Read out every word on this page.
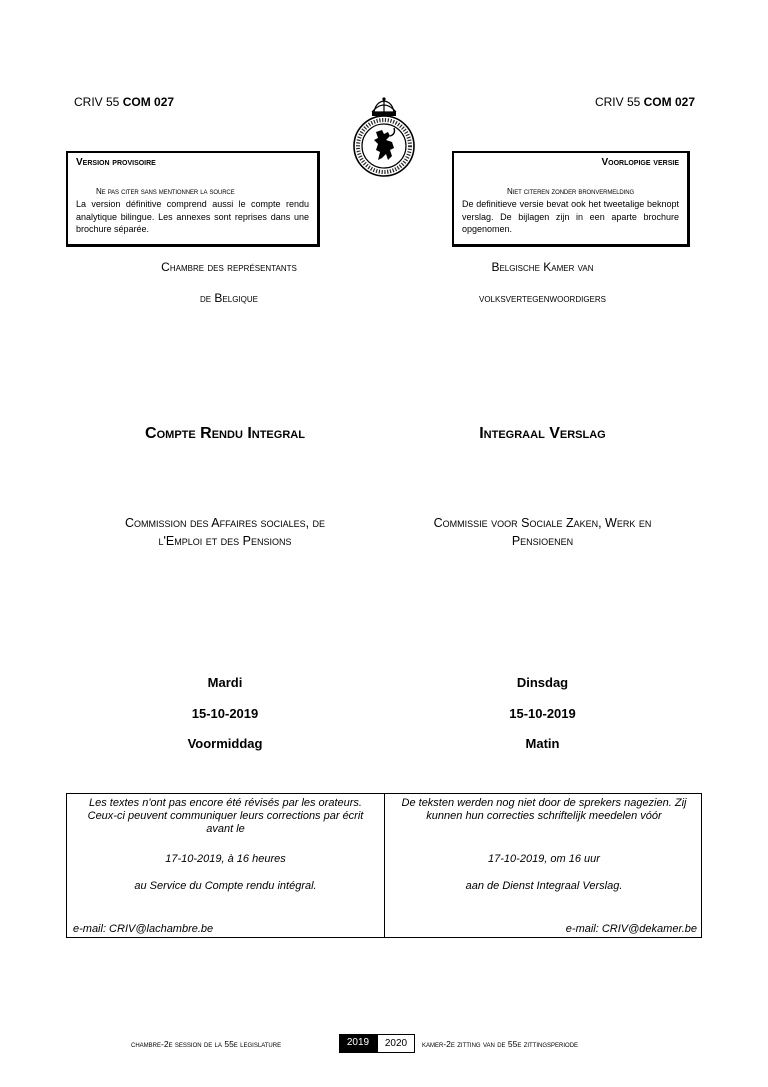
CRIV 55 COM 027	CRIV 55 COM 027
Version provisoire
Ne pas citer sans mentionner la source
La version définitive comprend aussi le compte rendu analytique bilingue. Les annexes sont reprises dans une brochure séparée.
Voorlopige versie
Niet citeren zonder bronvermelding
De definitieve versie bevat ook het tweetalige beknopt verslag. De bijlagen zijn in een aparte brochure opgenomen.
Chambre des représentants
de Belgique
Belgische Kamer van
volksvertegenwoordigers
Compte Rendu Integral	Integraal Verslag
Commission des Affaires sociales, de
l'Emploi et des Pensions
Commissie voor Sociale Zaken, Werk en
Pensioenen
Mardi
15-10-2019
Voormiddag
Dinsdag
15-10-2019
Matin
Les textes n'ont pas encore été révisés par les orateurs. Ceux-ci peuvent communiquer leurs corrections par écrit avant le
17-10-2019, à 16 heures
au Service du Compte rendu intégral.
e-mail: CRIV@lachambre.be
De teksten werden nog niet door de sprekers nagezien. Zij kunnen hun correcties schriftelijk meedelen vóór
17-10-2019, om 16 uur
aan de Dienst Integraal Verslag.
e-mail: CRIV@dekamer.be
chambre-2e session de la 55e legislature	2019	2020	kamer-2e zitting van de 55e zittingsperiode
